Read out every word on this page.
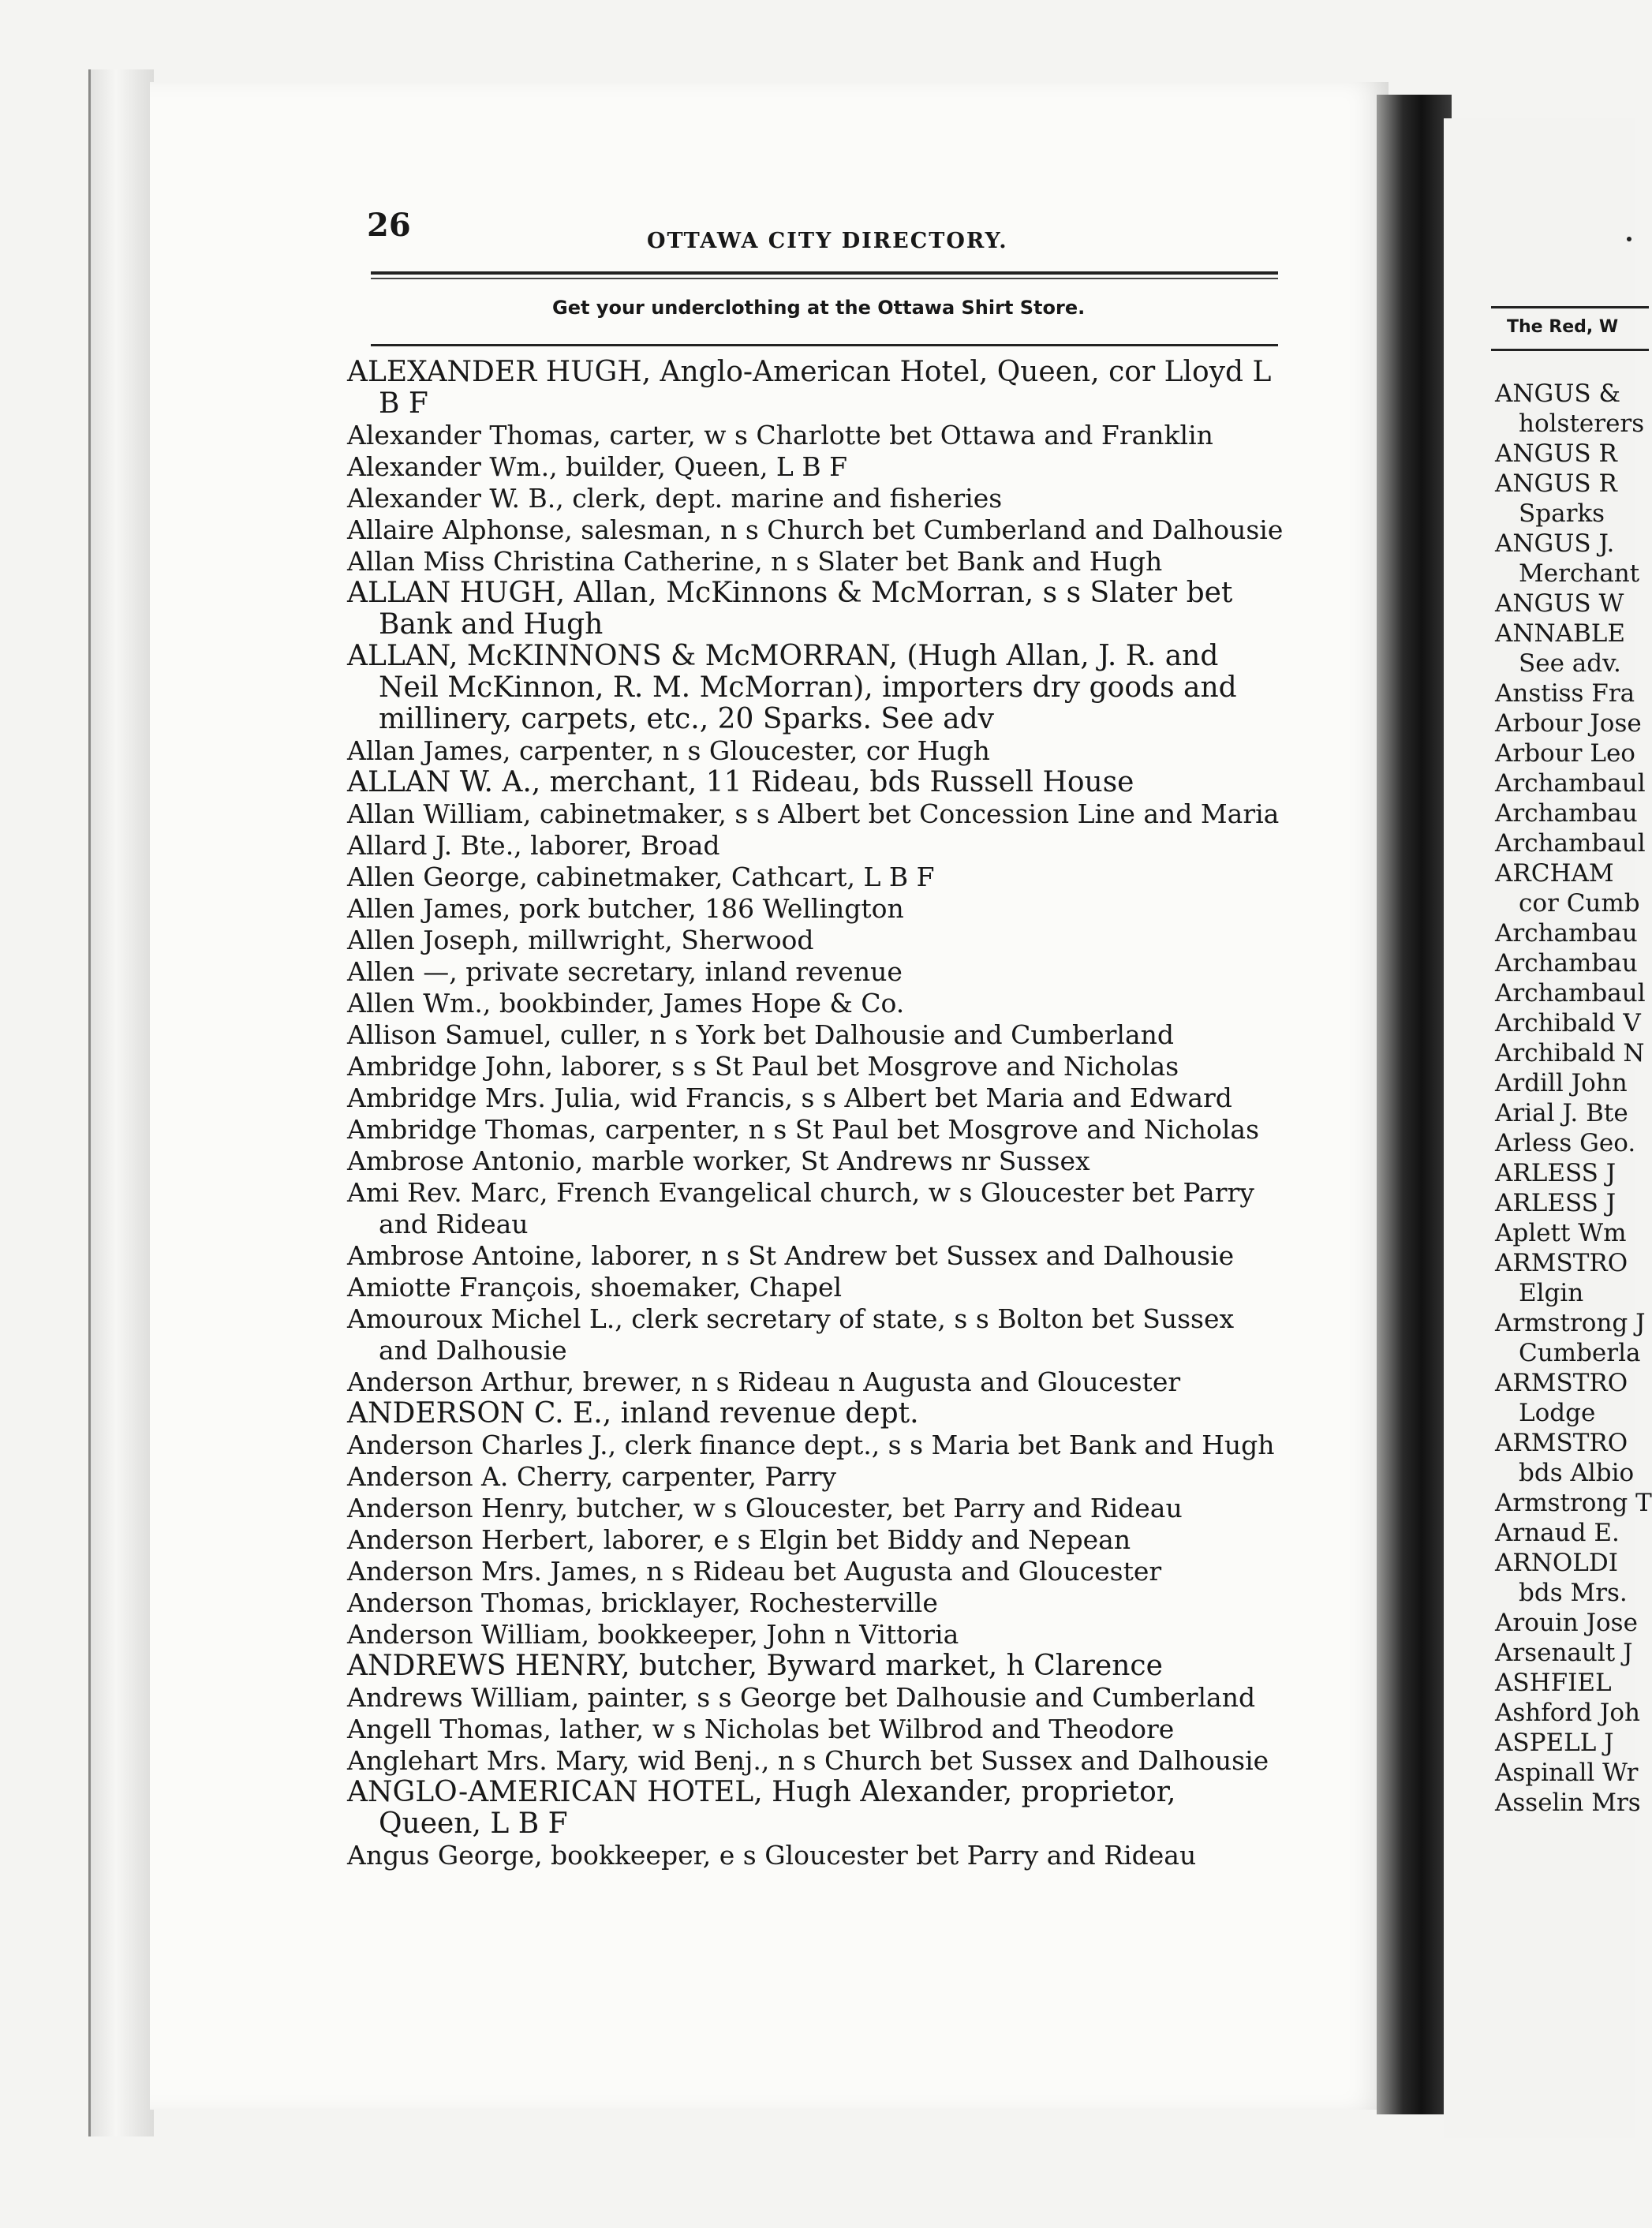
26	OTTAWA CITY DIRECTORY.
Get your underclothing at the Ottawa Shirt Store.

ALEXANDER HUGH, Anglo-American Hotel, Queen, cor Lloyd L B F

Alexander Thomas, carter, w s Charlotte bet Ottawa and Franklin

Alexander Wm., builder, Queen, L B F

Alexander W. B., clerk, dept. marine and fisheries

Allaire Alphonse, salesman, n s Church bet Cumberland and Dalhousie

Allan Miss Christina Catherine, n s Slater bet Bank and Hugh

ALLAN HUGH, Allan, McKinnons & McMorran, s s Slater bet Bank and Hugh

ALLAN, McKINNONS & McMORRAN, (Hugh Allan, J. R. and Neil McKinnon, R. M. McMorran), importers dry goods and millinery, carpets, etc., 20 Sparks. See adv

Allan James, carpenter, n s Gloucester, cor Hugh

ALLAN W. A., merchant, 11 Rideau, bds Russell House

Allan William, cabinetmaker, s s Albert bet Concession Line and Maria

Allard J. Bte., laborer, Broad

Allen George, cabinetmaker, Cathcart, L B F

Allen James, pork butcher, 186 Wellington

Allen Joseph, millwright, Sherwood

Allen —, private secretary, inland revenue

Allen Wm., bookbinder, James Hope & Co.

Allison Samuel, culler, n s York bet Dalhousie and Cumberland

Ambridge John, laborer, s s St Paul bet Mosgrove and Nicholas

Ambridge Mrs. Julia, wid Francis, s s Albert bet Maria and Edward

Ambridge Thomas, carpenter, n s St Paul bet Mosgrove and Nicholas

Ambrose Antonio, marble worker, St Andrews nr Sussex

Ami Rev. Marc, French Evangelical church, w s Gloucester bet Parry and Rideau

Ambrose Antoine, laborer, n s St Andrew bet Sussex and Dalhousie

Amiotte François, shoemaker, Chapel

Amouroux Michel L., clerk secretary of state, s s Bolton bet Sussex and Dalhousie

Anderson Arthur, brewer, n s Rideau n Augusta and Gloucester

ANDERSON C. E., inland revenue dept.

Anderson Charles J., clerk finance dept., s s Maria bet Bank and Hugh

Anderson A. Cherry, carpenter, Parry

Anderson Henry, butcher, w s Gloucester, bet Parry and Rideau

Anderson Herbert, laborer, e s Elgin bet Biddy and Nepean

Anderson Mrs. James, n s Rideau bet Augusta and Gloucester

Anderson Thomas, bricklayer, Rochesterville

Anderson William, bookkeeper, John n Vittoria

ANDREWS HENRY, butcher, Byward market, h Clarence

Andrews William, painter, s s George bet Dalhousie and Cumberland

Angell Thomas, lather, w s Nicholas bet Wilbrod and Theodore

Anglehart Mrs. Mary, wid Benj., n s Church bet Sussex and Dalhousie

ANGLO-AMERICAN HOTEL, Hugh Alexander, proprietor, Queen, L B F

Angus George, bookkeeper, e s Gloucester bet Parry and Rideau

The Red, W
ANGUS &
holsterers
ANGUS R
ANGUS R
Sparks
ANGUS J.
Merchant
ANGUS W
ANNABLE
See adv.
Anstiss Fra
Arbour Jose
Arbour Leo
Archambaul
Archambau
Archambaul
ARCHAM
cor Cumb
Archambau
Archambau
Archambaul
Archibald V
Archibald N
Ardill John
Arial J. Bte
Arless Geo.
ARLESS J
ARLESS J
Aplett Wm
ARMSTRO
Elgin
Armstrong J
Cumberla
ARMSTRO
Lodge
ARMSTRO
bds Albio
Armstrong T
Arnaud E.
ARNOLDI
bds Mrs.
Arouin Jose
Arsenault J
ASHFIEL
Ashford Joh
ASPELL J
Aspinall Wr
Asselin Mrs
